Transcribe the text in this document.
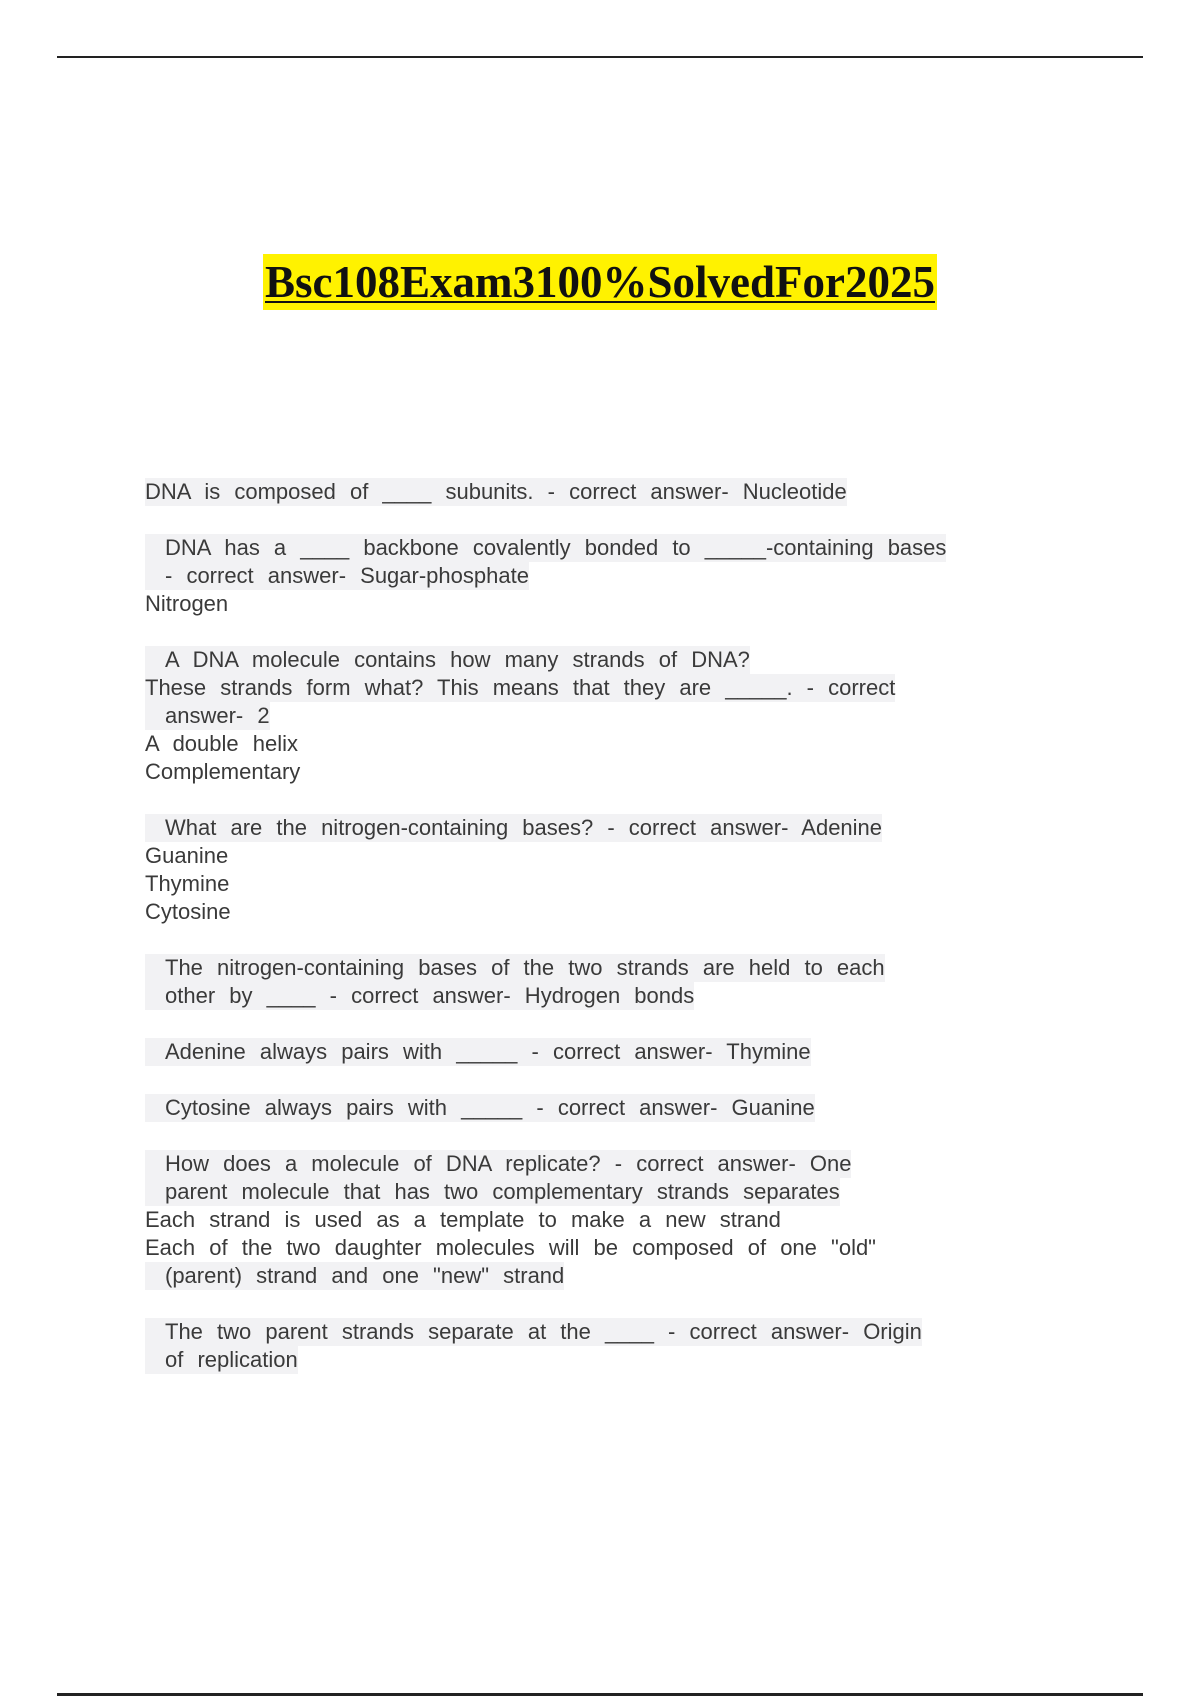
Bsc108Exam3100%SolvedFor2025
DNA is composed of ____ subunits. - correct answer- Nucleotide
DNA has a ____ backbone covalently bonded to _____-containing bases
- correct answer- Sugar-phosphate
Nitrogen
A DNA molecule contains how many strands of DNA?
These strands form what? This means that they are _____. - correct
answer- 2
A double helix
Complementary
What are the nitrogen-containing bases? - correct answer- Adenine
Guanine
Thymine
Cytosine
The nitrogen-containing bases of the two strands are held to each
other by ____ - correct answer- Hydrogen bonds
Adenine always pairs with _____ - correct answer- Thymine
Cytosine always pairs with _____ - correct answer- Guanine
How does a molecule of DNA replicate? - correct answer- One
parent molecule that has two complementary strands separates
Each strand is used as a template to make a new strand
Each of the two daughter molecules will be composed of one "old"
(parent) strand and one "new" strand
The two parent strands separate at the ____ - correct answer- Origin
of replication
